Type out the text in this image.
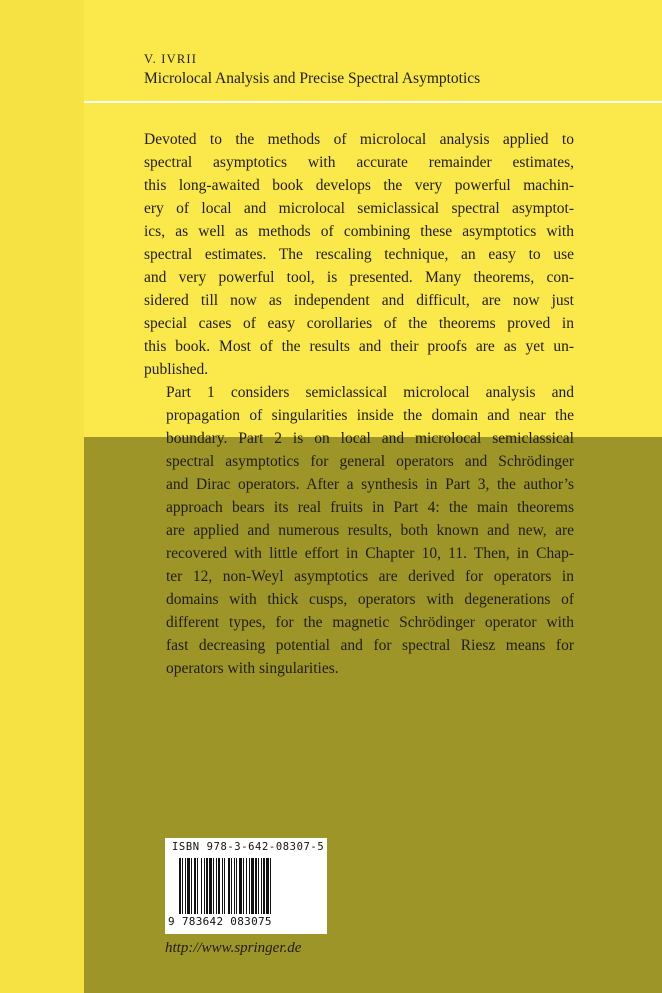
V. IVRII

Microlocal Analysis and Precise Spectral Asymptotics

Devoted to the methods of microlocal analysis applied to
spectral asymptotics with accurate remainder estimates,
this long-awaited book develops the very powerful machin-
ery of local and microlocal semiclassical spectral asymptot-
ics, as well as methods of combining these asymptotics with
spectral estimates. The rescaling technique, an easy to use
and very powerful tool, is presented. Many theorems, con-
sidered till now as independent and difficult, are now just
special cases of easy corollaries of the theorems proved in
this book. Most of the results and their proofs are as yet un-
published.
Part 1 considers semiclassical microlocal analysis and
propagation of singularities inside the domain and near the
boundary. Part 2 is on local and microlocal semiclassical
spectral asymptotics for general operators and Schrödinger
and Dirac operators. After a synthesis in Part 3, the author’s
approach bears its real fruits in Part 4: the main theorems
are applied and numerous results, both known and new, are
recovered with little effort in Chapter 10, 11. Then, in Chap-
ter 12, non-Weyl asymptotics are derived for operators in
domains with thick cusps, operators with degenerations of
different types, for the magnetic Schrödinger operator with
fast decreasing potential and for spectral Riesz means for
operators with singularities.
ISBN 978-3-642-08307-5
9 783642 083075
http://www.springer.de
